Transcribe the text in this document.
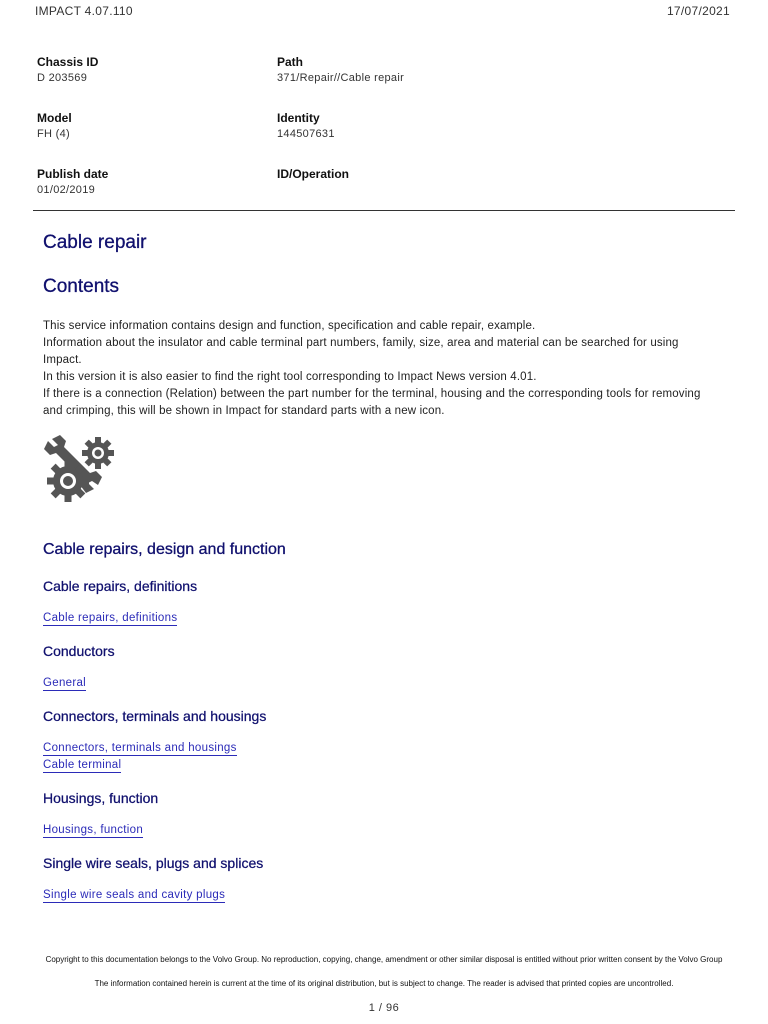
IMPACT 4.07.110	17/07/2021
Chassis ID
D 203569
Path
371/Repair//Cable repair
Model
FH (4)
Identity
144507631
Publish date
01/02/2019
ID/Operation
Cable repair
Contents
This service information contains design and function, specification and cable repair, example.
Information about the insulator and cable terminal part numbers, family, size, area and material can be searched for using Impact.
In this version it is also easier to find the right tool corresponding to Impact News version 4.01.
If there is a connection (Relation) between the part number for the terminal, housing and the corresponding tools for removing and crimping, this will be shown in Impact for standard parts with a new icon.
Cable repairs, design and function
Cable repairs, definitions
Cable repairs, definitions
Conductors
General
Connectors, terminals and housings
Connectors, terminals and housings
Cable terminal
Housings, function
Housings, function
Single wire seals, plugs and splices
Single wire seals and cavity plugs
Copyright to this documentation belongs to the Volvo Group. No reproduction, copying, change, amendment or other similar disposal is entitled without prior written consent by the Volvo Group
The information contained herein is current at the time of its original distribution, but is subject to change. The reader is advised that printed copies are uncontrolled.
1 / 96
